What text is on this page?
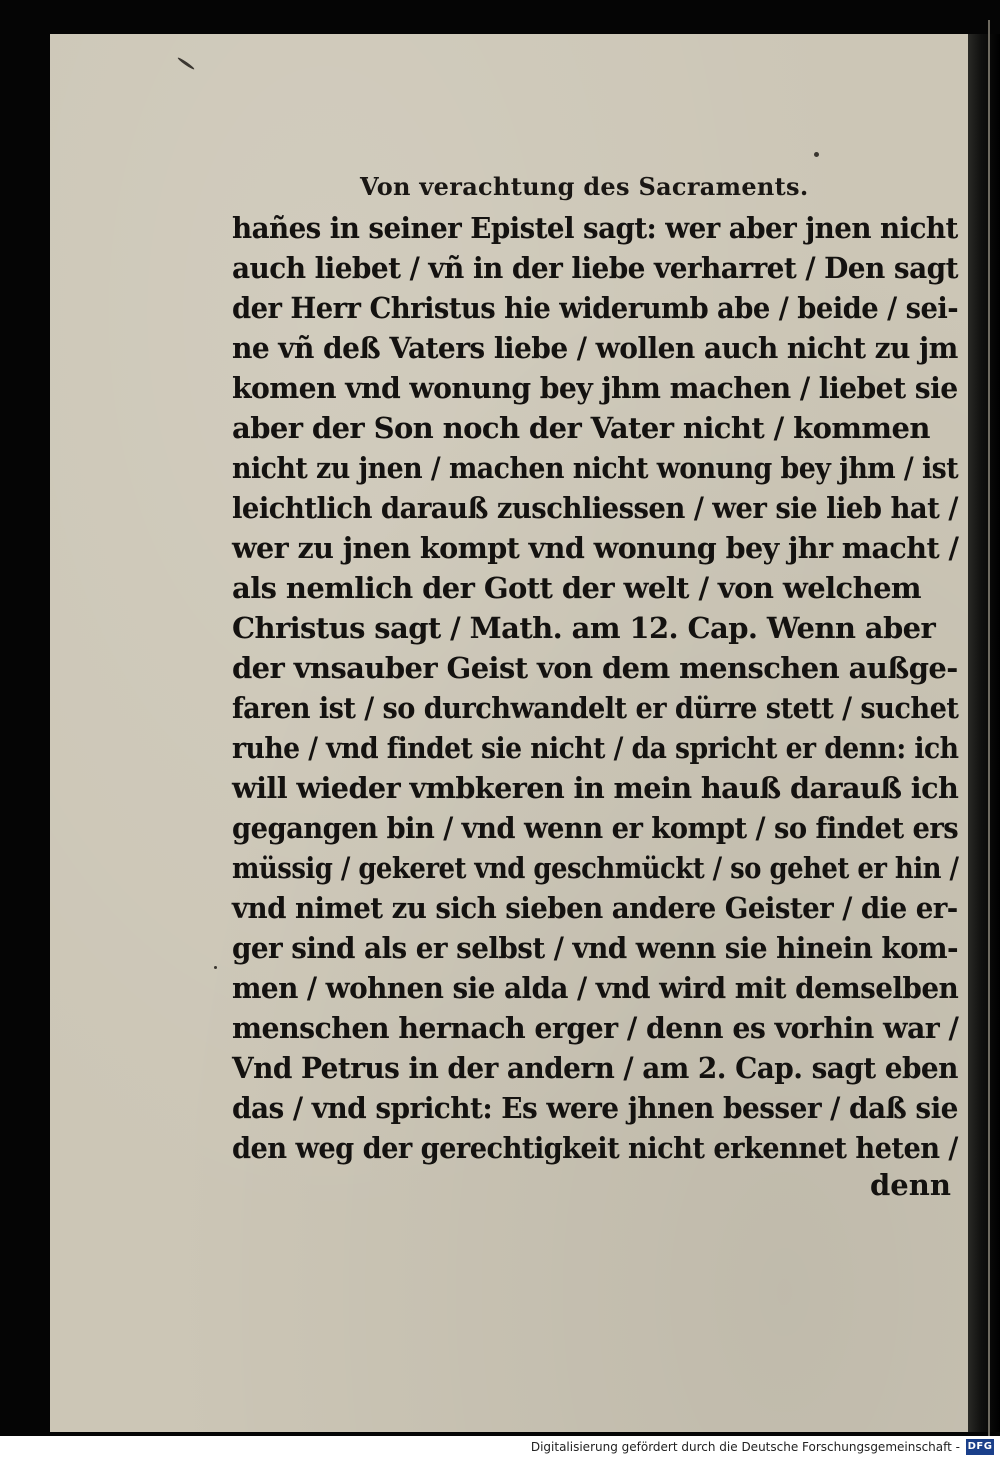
Von verachtung des Sacraments.
hañes in seiner Epistel sagt: wer aber jnen nicht
auch liebet / vñ in der liebe verharret / Den sagt
der Herr Christus hie widerumb abe / beide / sei-
ne vñ deß Vaters liebe / wollen auch nicht zu jm
komen vnd wonung bey jhm machen / liebet sie
aber der Son noch der Vater nicht / kommen
nicht zu jnen / machen nicht wonung bey jhm / ist
leichtlich darauß zuschliessen / wer sie lieb hat /
wer zu jnen kompt vnd wonung bey jhr macht /
als nemlich der Gott der welt / von welchem
Christus sagt / Math. am 12. Cap. Wenn aber
der vnsauber Geist von dem menschen außge-
faren ist / so durchwandelt er dürre stett / suchet
ruhe / vnd findet sie nicht / da spricht er denn: ich
will wieder vmbkeren in mein hauß darauß ich
gegangen bin / vnd wenn er kompt / so findet ers
müssig / gekeret vnd geschmückt / so gehet er hin /
vnd nimet zu sich sieben andere Geister / die er-
ger sind als er selbst / vnd wenn sie hinein kom-
men / wohnen sie alda / vnd wird mit demselben
menschen hernach erger / denn es vorhin war /
Vnd Petrus in der andern / am 2. Cap. sagt eben
das / vnd spricht: Es were jhnen besser / daß sie
den weg der gerechtigkeit nicht erkennet heten /
denn
Digitalisierung gefördert durch die Deutsche Forschungsgemeinschaft - DFG
